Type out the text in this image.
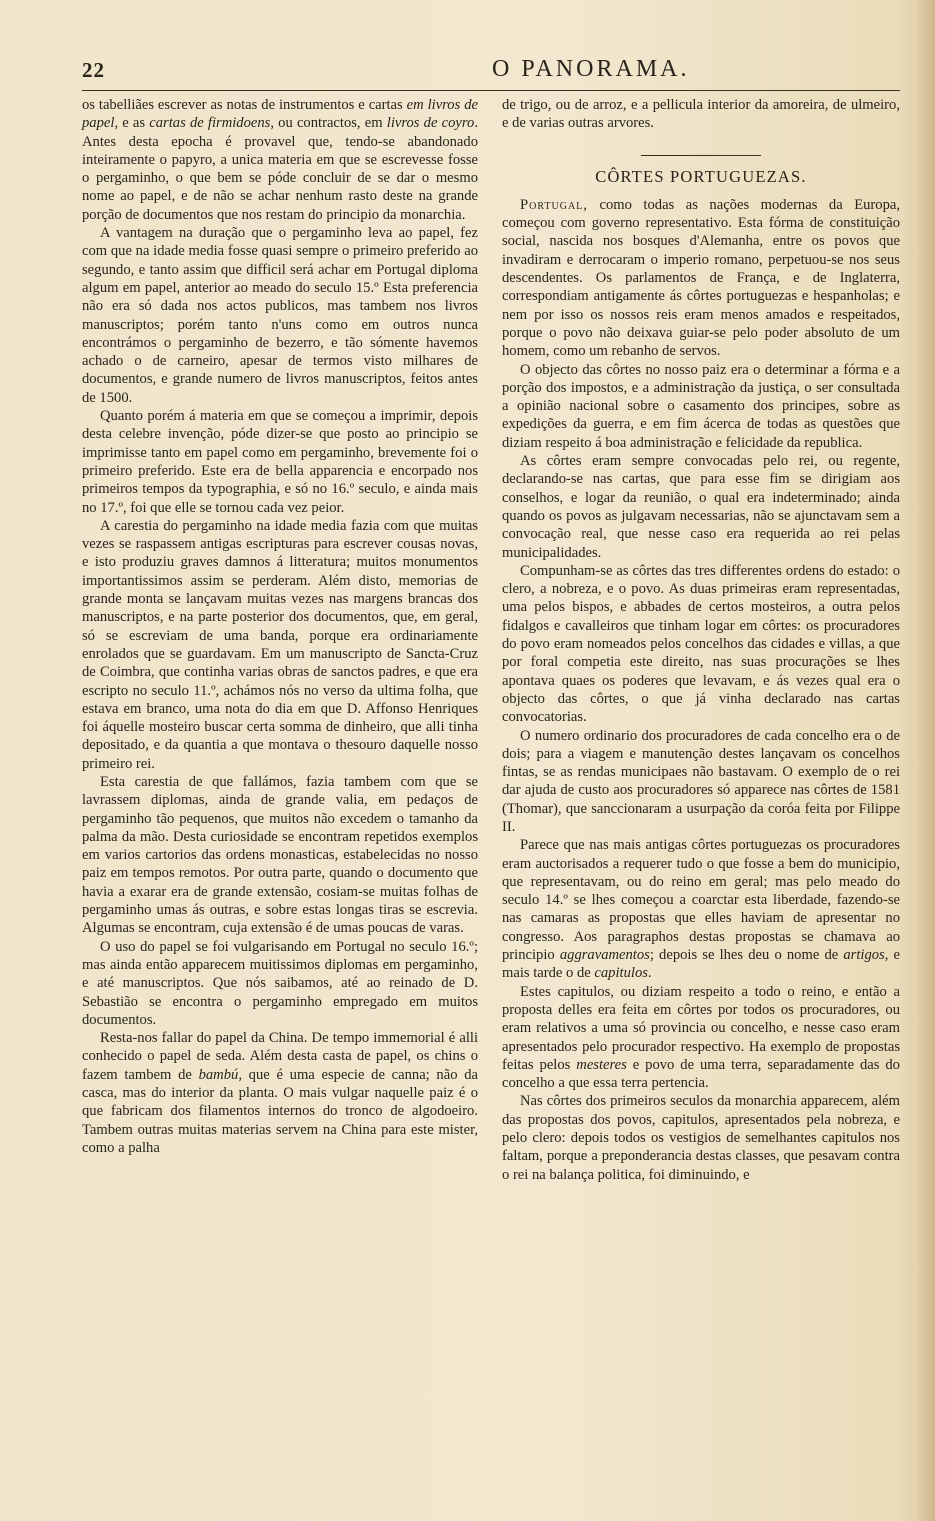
22	O PANORAMA.

os tabelliães escrever as notas de instrumentos e cartas em livros de papel, e as cartas de firmidoens, ou contractos, em livros de coyro. Antes desta epocha é provavel que, tendo-se abandonado inteiramente o papyro, a unica materia em que se escrevesse fosse o pergaminho, o que bem se póde concluir de se dar o mesmo nome ao papel, e de não se achar nenhum rasto deste na grande porção de documentos que nos restam do principio da monarchia.

A vantagem na duração que o pergaminho leva ao papel, fez com que na idade media fosse quasi sempre o primeiro preferido ao segundo, e tanto assim que difficil será achar em Portugal diploma algum em papel, anterior ao meado do seculo 15.º Esta preferencia não era só dada nos actos publicos, mas tambem nos livros manuscriptos; porém tanto n'uns como em outros nunca encontrámos o pergaminho de bezerro, e tão sómente havemos achado o de carneiro, apesar de termos visto milhares de documentos, e grande numero de livros manuscriptos, feitos antes de 1500.

Quanto porém á materia em que se começou a imprimir, depois desta celebre invenção, póde dizer-se que posto ao principio se imprimisse tanto em papel como em pergaminho, brevemente foi o primeiro preferido. Este era de bella apparencia e encorpado nos primeiros tempos da typographia, e só no 16.º seculo, e ainda mais no 17.º, foi que elle se tornou cada vez peior.

A carestia do pergaminho na idade media fazia com que muitas vezes se raspassem antigas escripturas para escrever cousas novas, e isto produziu graves damnos á litteratura; muitos monumentos importantissimos assim se perderam. Além disto, memorias de grande monta se lançavam muitas vezes nas margens brancas dos manuscriptos, e na parte posterior dos documentos, que, em geral, só se escreviam de uma banda, porque era ordinariamente enrolados que se guardavam. Em um manuscripto de Sancta-Cruz de Coimbra, que continha varias obras de sanctos padres, e que era escripto no seculo 11.º, achámos nós no verso da ultima folha, que estava em branco, uma nota do dia em que D. Affonso Henriques foi áquelle mosteiro buscar certa somma de dinheiro, que alli tinha depositado, e da quantia a que montava o thesouro daquelle nosso primeiro rei.

Esta carestia de que fallámos, fazia tambem com que se lavrassem diplomas, ainda de grande valia, em pedaços de pergaminho tão pequenos, que muitos não excedem o tamanho da palma da mão. Desta curiosidade se encontram repetidos exemplos em varios cartorios das ordens monasticas, estabelecidas no nosso paiz em tempos remotos. Por outra parte, quando o documento que havia a exarar era de grande extensão, cosiam-se muitas folhas de pergaminho umas ás outras, e sobre estas longas tiras se escrevia. Algumas se encontram, cuja extensão é de umas poucas de varas.

O uso do papel se foi vulgarisando em Portugal no seculo 16.º; mas ainda então apparecem muitissimos diplomas em pergaminho, e até manuscriptos. Que nós saibamos, até ao reinado de D. Sebastião se encontra o pergaminho empregado em muitos documentos.

Resta-nos fallar do papel da China. De tempo immemorial é alli conhecido o papel de seda. Além desta casta de papel, os chins o fazem tambem de bambú, que é uma especie de canna; não da casca, mas do interior da planta. O mais vulgar naquelle paiz é o que fabricam dos filamentos internos do tronco de algodoeiro. Tambem outras muitas materias servem na China para este mister, como a palha

de trigo, ou de arroz, e a pellicula interior da amoreira, de ulmeiro, e de varias outras arvores.

CÔRTES PORTUGUEZAS.

Portugal, como todas as nações modernas da Europa, começou com governo representativo. Esta fórma de constituição social, nascida nos bosques d'Alemanha, entre os povos que invadiram e derrocaram o imperio romano, perpetuou-se nos seus descendentes. Os parlamentos de França, e de Inglaterra, correspondiam antigamente ás côrtes portuguezas e hespanholas; e nem por isso os nossos reis eram menos amados e respeitados, porque o povo não deixava guiar-se pelo poder absoluto de um homem, como um rebanho de servos.

O objecto das côrtes no nosso paiz era o determinar a fórma e a porção dos impostos, e a administração da justiça, o ser consultada a opinião nacional sobre o casamento dos principes, sobre as expedições da guerra, e em fim ácerca de todas as questões que diziam respeito á boa administração e felicidade da republica.

As côrtes eram sempre convocadas pelo rei, ou regente, declarando-se nas cartas, que para esse fim se dirigiam aos conselhos, e logar da reunião, o qual era indeterminado; ainda quando os povos as julgavam necessarias, não se ajunctavam sem a convocação real, que nesse caso era requerida ao rei pelas municipalidades.

Compunham-se as côrtes das tres differentes ordens do estado: o clero, a nobreza, e o povo. As duas primeiras eram representadas, uma pelos bispos, e abbades de certos mosteiros, a outra pelos fidalgos e cavalleiros que tinham logar em côrtes: os procuradores do povo eram nomeados pelos concelhos das cidades e villas, a que por foral competia este direito, nas suas procurações se lhes apontava quaes os poderes que levavam, e ás vezes qual era o objecto das côrtes, o que já vinha declarado nas cartas convocatorias.

O numero ordinario dos procuradores de cada concelho era o de dois; para a viagem e manutenção destes lançavam os concelhos fintas, se as rendas municipaes não bastavam. O exemplo de o rei dar ajuda de custo aos procuradores só apparece nas côrtes de 1581 (Thomar), que sanccionaram a usurpação da coróa feita por Filippe II.

Parece que nas mais antigas côrtes portuguezas os procuradores eram auctorisados a requerer tudo o que fosse a bem do municipio, que representavam, ou do reino em geral; mas pelo meado do seculo 14.º se lhes começou a coarctar esta liberdade, fazendo-se nas camaras as propostas que elles haviam de apresentar no congresso. Aos paragraphos destas propostas se chamava ao principio aggravamentos; depois se lhes deu o nome de artigos, e mais tarde o de capitulos.

Estes capitulos, ou diziam respeito a todo o reino, e então a proposta delles era feita em côrtes por todos os procuradores, ou eram relativos a uma só provincia ou concelho, e nesse caso eram apresentados pelo procurador respectivo. Ha exemplo de propostas feitas pelos mesteres e povo de uma terra, separadamente das do concelho a que essa terra pertencia.

Nas côrtes dos primeiros seculos da monarchia apparecem, além das propostas dos povos, capitulos, apresentados pela nobreza, e pelo clero: depois todos os vestigios de semelhantes capitulos nos faltam, porque a preponderancia destas classes, que pesavam contra o rei na balança politica, foi diminuindo, e
